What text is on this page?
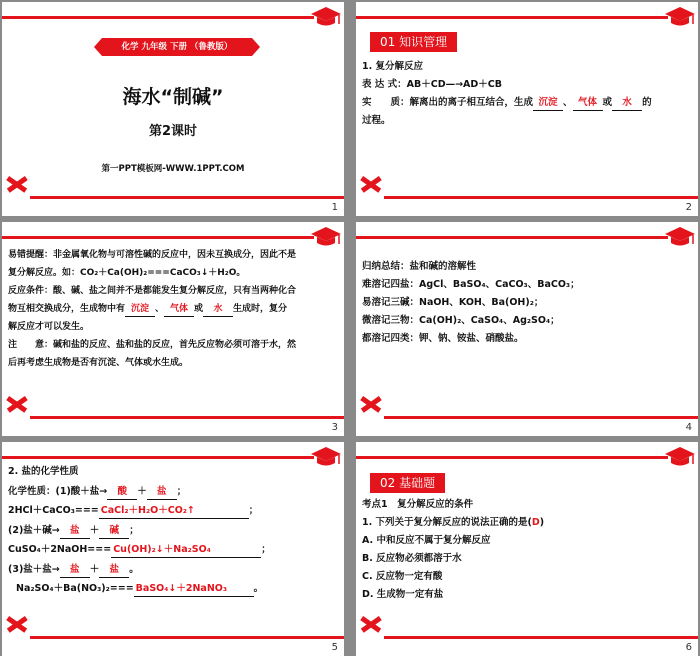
化学 九年级 下册 （鲁教版）
海水“制碱”
第2课时
第一PPT模板网-WWW.1PPT.COM
1
01 知识管理

1. 复分解反应

表 达 式：AB＋CD—→AD＋CB

实　　质：解离出的离子相互结合，生成 沉淀 、 气体 或 水 的

过程。

2

易错提醒：非金属氧化物与可溶性碱的反应中，因未互换成分，因此不是

复分解反应。如：CO₂＋Ca(OH)₂===CaCO₃↓＋H₂O。

反应条件：酸、碱、盐之间并不是都能发生复分解反应，只有当两种化合

物互相交换成分，生成物中有 沉淀 、 气体 或 水 生成时，复分

解反应才可以发生。

注　　意：碱和盐的反应、盐和盐的反应，首先反应物必须可溶于水，然

后再考虑生成物是否有沉淀、气体或水生成。

3

归纳总结：盐和碱的溶解性

难溶记四盐：AgCl、BaSO₄、CaCO₃、BaCO₃；

易溶记三碱：NaOH、KOH、Ba(OH)₂；

微溶记三物：Ca(OH)₂、CaSO₄、Ag₂SO₄；

都溶记四类：钾、钠、铵盐、硝酸盐。

4

2. 盐的化学性质

化学性质：(1)酸＋盐→ 酸 ＋ 盐 ；

2HCl＋CaCO₃=== CaCl₂＋H₂O＋CO₂↑	；

(2)盐＋碱→ 盐 ＋ 碱 ；

CuSO₄＋2NaOH=== Cu(OH)₂↓＋Na₂SO₄	；

(3)盐＋盐→ 盐 ＋ 盐 。

Na₂SO₄＋Ba(NO₃)₂=== BaSO₄↓＋2NaNO₃	。

5
02 基础题

考点1　复分解反应的条件

1. 下列关于复分解反应的说法正确的是(D)

A. 中和反应不属于复分解反应

B. 反应物必须都溶于水

C. 反应物一定有酸

D. 生成物一定有盐

6
